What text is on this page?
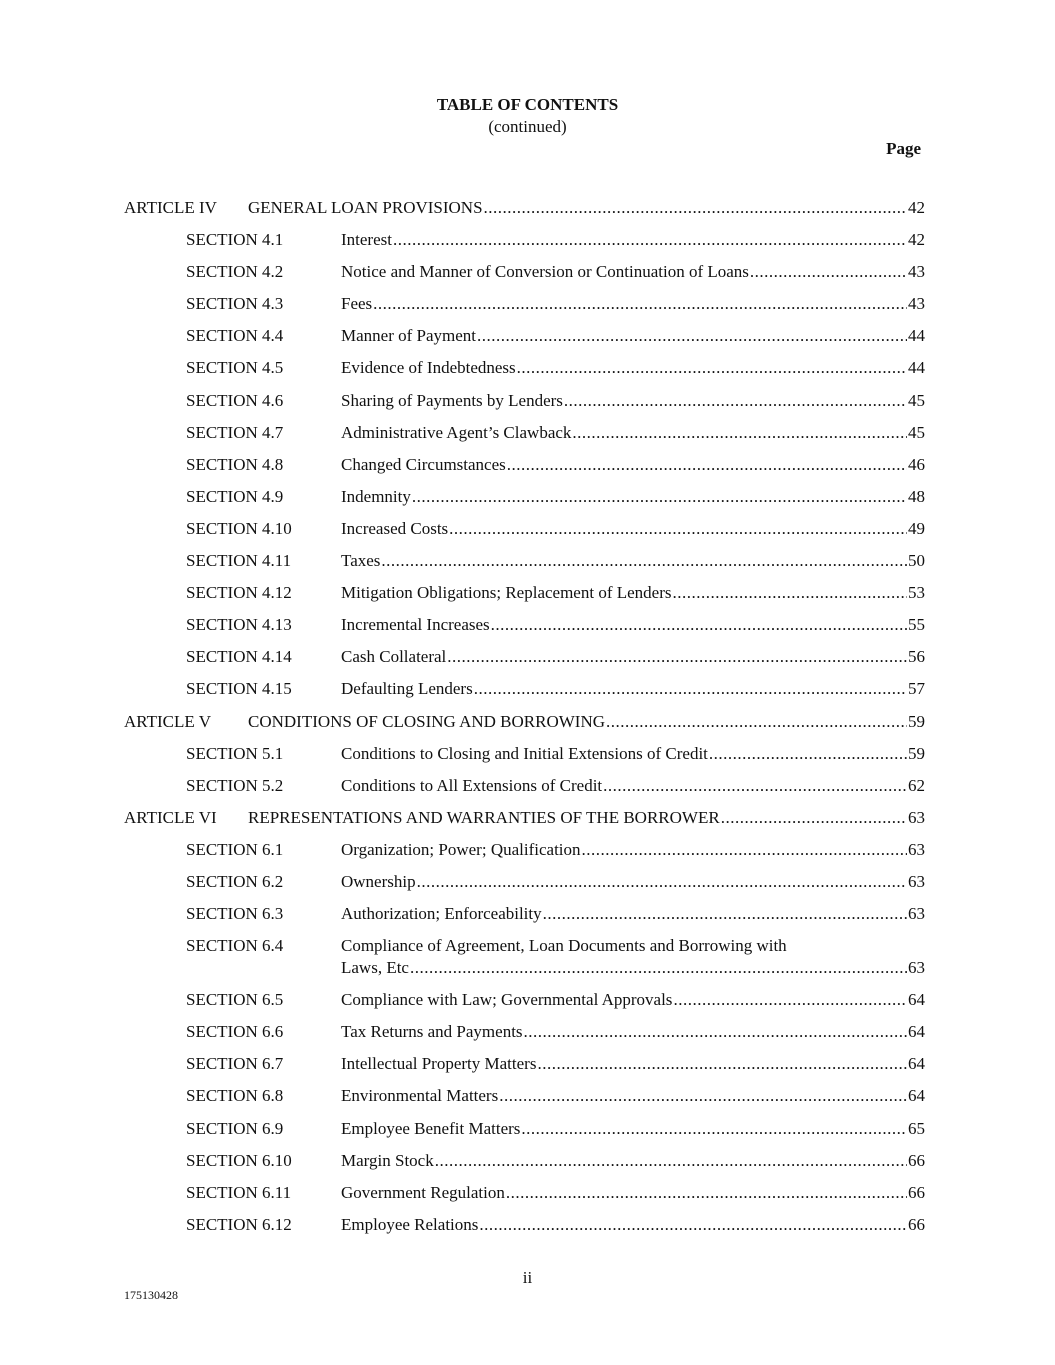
TABLE OF CONTENTS
(continued)
Page
ARTICLE IV GENERAL LOAN PROVISIONS .....	42
SECTION 4.1	Interest .....	42
SECTION 4.2	Notice and Manner of Conversion or Continuation of Loans .....	43
SECTION 4.3	Fees .....	43
SECTION 4.4	Manner of Payment .....	44
SECTION 4.5	Evidence of Indebtedness .....	44
SECTION 4.6	Sharing of Payments by Lenders .....	45
SECTION 4.7	Administrative Agent’s Clawback .....	45
SECTION 4.8	Changed Circumstances .....	46
SECTION 4.9	Indemnity .....	48
SECTION 4.10	Increased Costs .....	49
SECTION 4.11	Taxes .....	50
SECTION 4.12	Mitigation Obligations; Replacement of Lenders .....	53
SECTION 4.13	Incremental Increases .....	55
SECTION 4.14	Cash Collateral .....	56
SECTION 4.15	Defaulting Lenders .....	57
ARTICLE V CONDITIONS OF CLOSING AND BORROWING .....	59
SECTION 5.1	Conditions to Closing and Initial Extensions of Credit .....	59
SECTION 5.2	Conditions to All Extensions of Credit .....	62
ARTICLE VI REPRESENTATIONS AND WARRANTIES OF THE BORROWER .....	63
SECTION 6.1	Organization; Power; Qualification .....	63
SECTION 6.2	Ownership .....	63
SECTION 6.3	Authorization; Enforceability .....	63
SECTION 6.4	Compliance of Agreement, Loan Documents and Borrowing with
Laws, Etc .....	63
SECTION 6.5	Compliance with Law; Governmental Approvals .....	64
SECTION 6.6	Tax Returns and Payments .....	64
SECTION 6.7	Intellectual Property Matters .....	64
SECTION 6.8	Environmental Matters .....	64
SECTION 6.9	Employee Benefit Matters .....	65
SECTION 6.10	Margin Stock .....	66
SECTION 6.11	Government Regulation .....	66
SECTION 6.12	Employee Relations .....	66
ii
175130428
